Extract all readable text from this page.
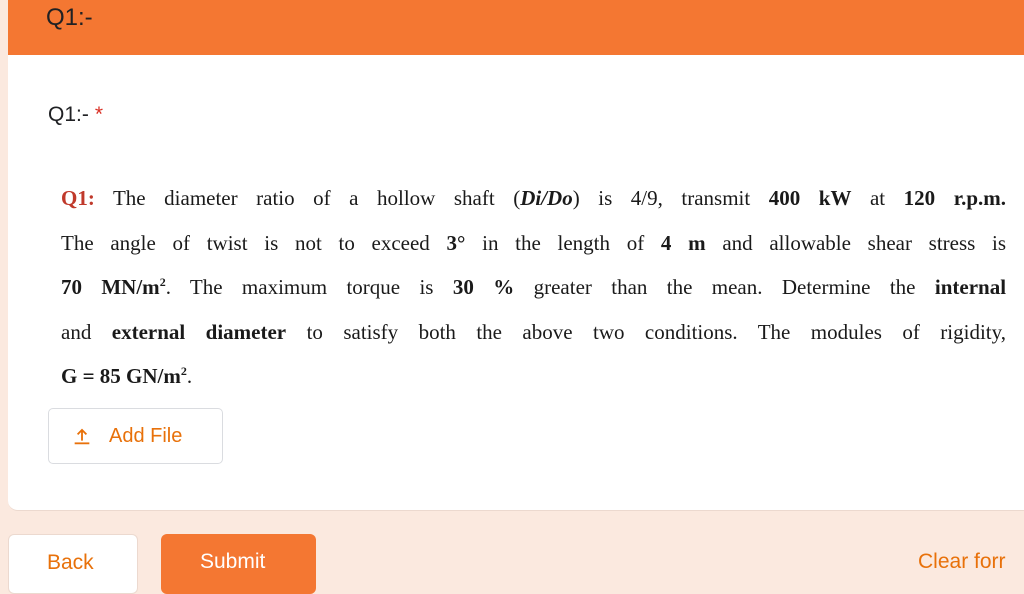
Q1:-
Q1:- *
Q1: The diameter ratio of a hollow shaft (Di/Do) is 4/9, transmit 400 kW at 120 r.p.m.
The angle of twist is not to exceed 3° in the length of 4 m and allowable shear stress is
70 $MN/m^2$. The maximum torque is 30 % greater than the mean. Determine the internal
and external diameter to satisfy both the above two conditions. The modules of rigidity,
G = 85 $GN/m^2$.
Add File
Back	Submit	Clear forr
